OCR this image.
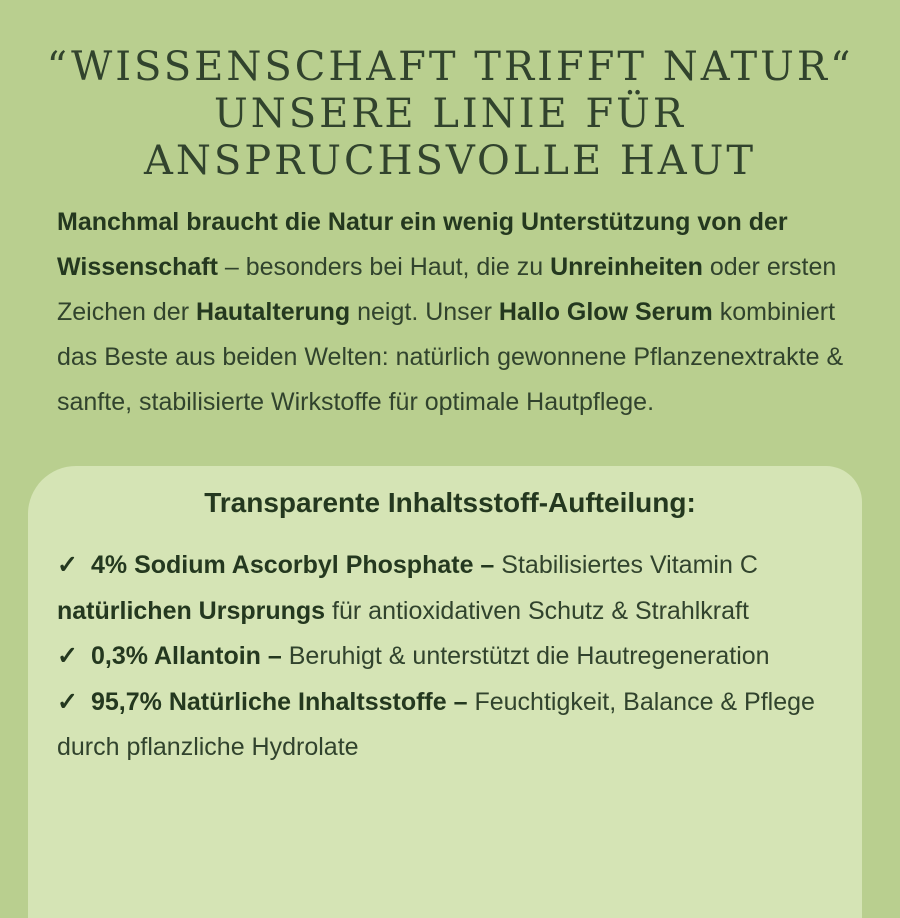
“WISSENSCHAFT TRIFFT NATUR“
UNSERE LINIE FÜR
ANSPRUCHSVOLLE HAUT
Manchmal braucht die Natur ein wenig Unterstützung von der Wissenschaft – besonders bei Haut, die zu Unreinheiten oder ersten Zeichen der Hautalterung neigt. Unser Hallo Glow Serum kombiniert das Beste aus beiden Welten: natürlich gewonnene Pflanzenextrakte & sanfte, stabilisierte Wirkstoffe für optimale Hautpflege.
Transparente Inhaltsstoff-Aufteilung:

✓ 4% Sodium Ascorbyl Phosphate – Stabilisiertes Vitamin C natürlichen Ursprungs für antioxidativen Schutz & Strahlkraft

✓ 0,3% Allantoin – Beruhigt & unterstützt die Hautregeneration

✓ 95,7% Natürliche Inhaltsstoffe – Feuchtigkeit, Balance & Pflege durch pflanzliche Hydrolate
